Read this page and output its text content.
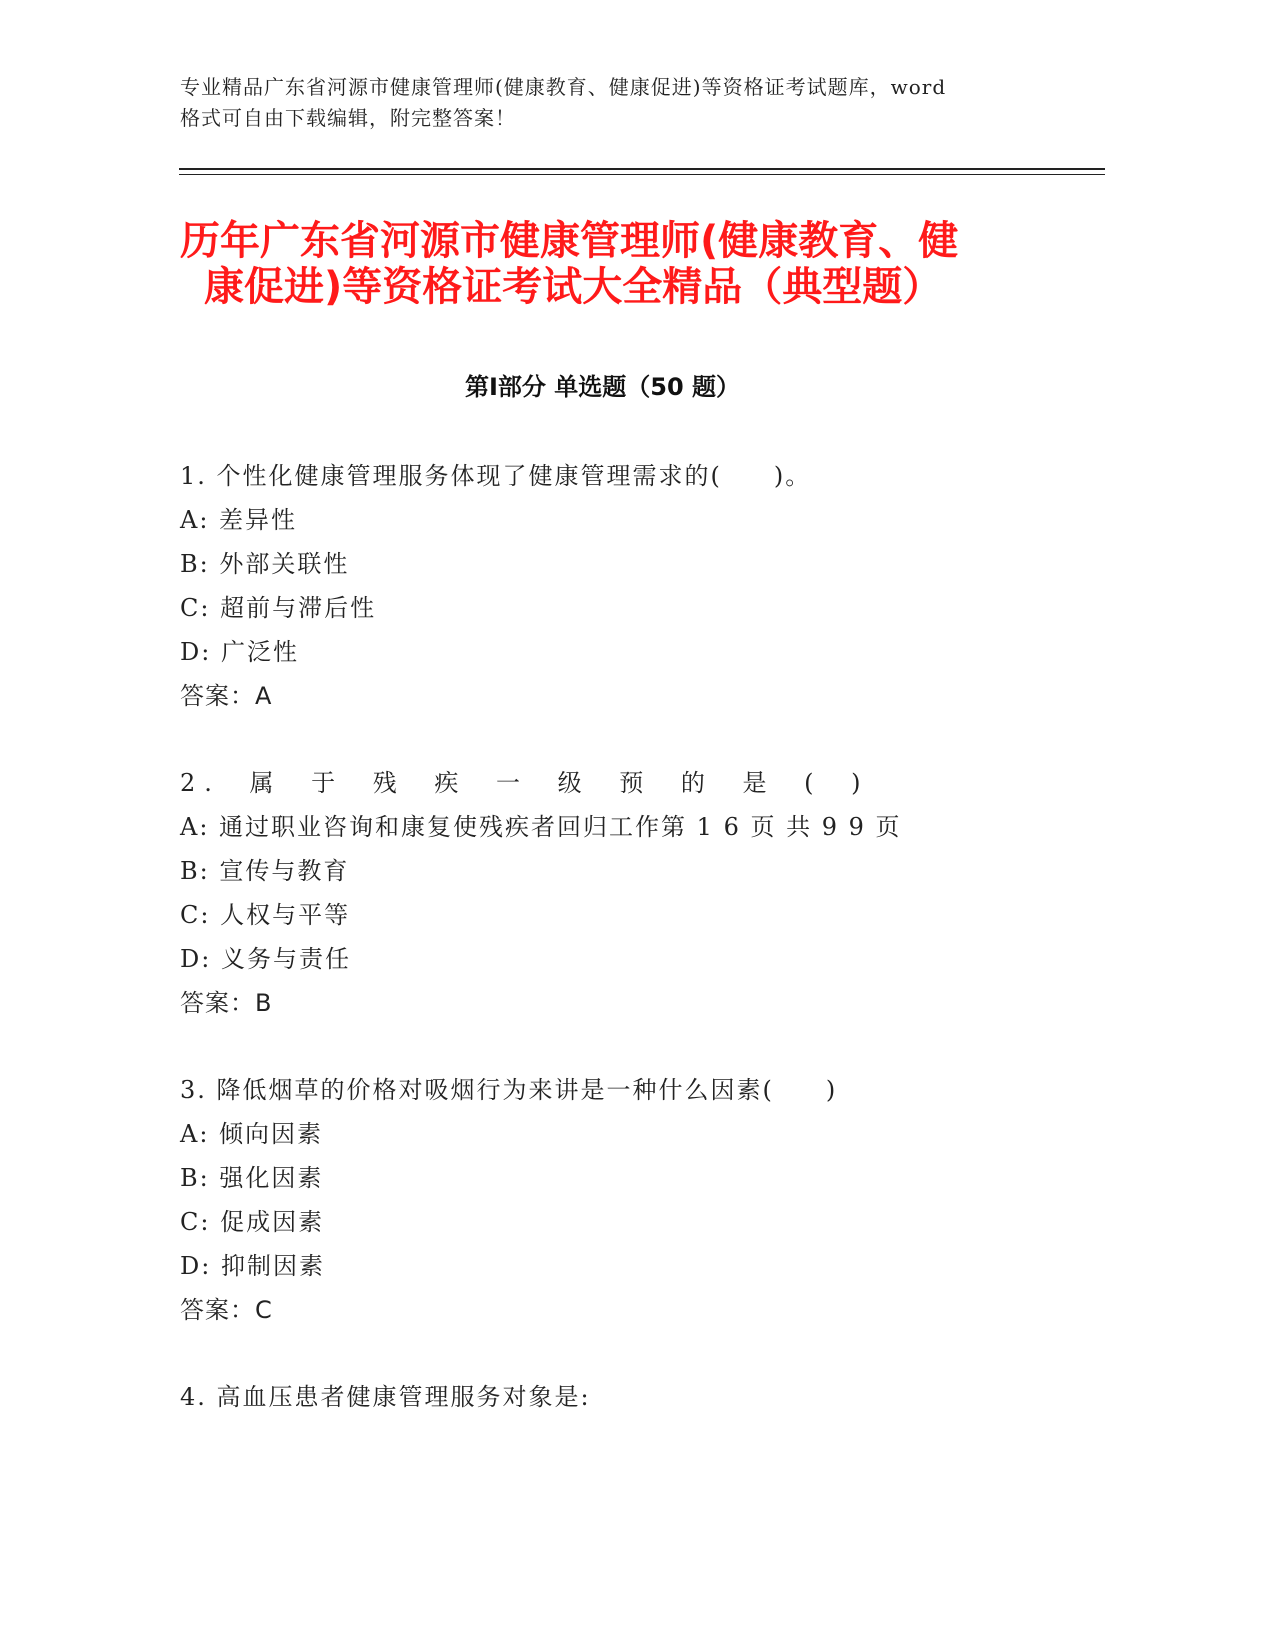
专业精品广东省河源市健康管理师(健康教育、健康促进)等资格证考试题库，word
格式可自由下载编辑，附完整答案！
历年广东省河源市健康管理师(健康教育、健
康促进)等资格证考试大全精品（典型题）
第Ⅰ部分 单选题（50 题）
1. 个性化健康管理服务体现了健康管理需求的(　　)。
A: 差异性
B: 外部关联性
C: 超前与滞后性
D: 广泛性
答案：A
2. 属 于 残 疾 一 级 预 的 是 ( )
A: 通过职业咨询和康复使残疾者回归工作第 1 6 页 共 9 9 页
B: 宣传与教育
C: 人权与平等
D: 义务与责任
答案：B
3. 降低烟草的价格对吸烟行为来讲是一种什么因素(　　)
A: 倾向因素
B: 强化因素
C: 促成因素
D: 抑制因素
答案：C
4. 高血压患者健康管理服务对象是:
